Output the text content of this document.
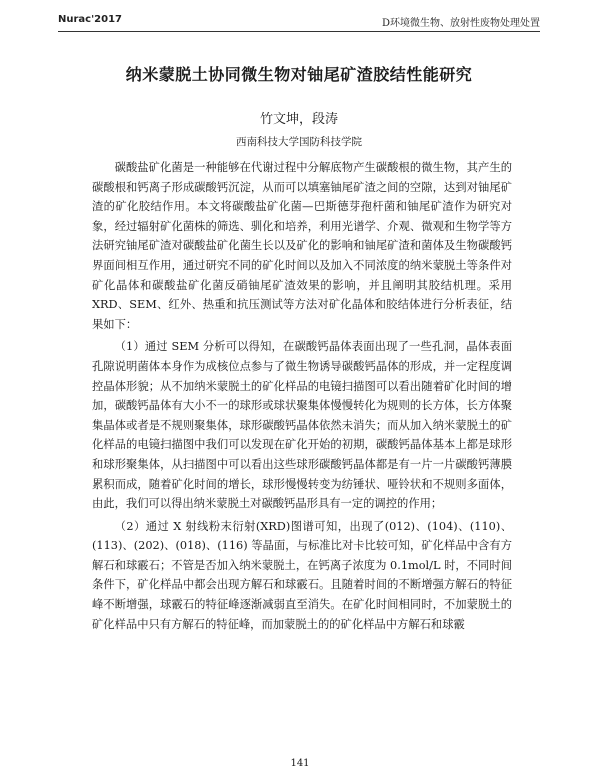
Nurac'2017	D环境微生物、放射性废物处理处置
纳米蒙脱土协同微生物对铀尾矿渣胶结性能研究
竹文坤，段涛
西南科技大学国防科技学院

碳酸盐矿化菌是一种能够在代谢过程中分解底物产生碳酸根的微生物，其产生的碳酸根和钙离子形成碳酸钙沉淀，从而可以填塞铀尾矿渣之间的空隙，达到对铀尾矿渣的矿化胶结作用。本文将碳酸盐矿化菌—巴斯德芽孢杆菌和铀尾矿渣作为研究对象，经过辐射矿化菌株的筛选、驯化和培养，利用光谱学、介观、微观和生物学等方法研究铀尾矿渣对碳酸盐矿化菌生长以及矿化的影响和铀尾矿渣和菌体及生物碳酸钙界面间相互作用，通过研究不同的矿化时间以及加入不同浓度的纳米蒙脱土等条件对矿化晶体和碳酸盐矿化菌反硝铀尾矿渣效果的影响，并且阐明其胶结机理。采用 XRD、SEM、红外、热重和抗压测试等方法对矿化晶体和胶结体进行分析表征，结果如下：

（1）通过 SEM 分析可以得知，在碳酸钙晶体表面出现了一些孔洞，晶体表面孔隙说明菌体本身作为成核位点参与了微生物诱导碳酸钙晶体的形成，并一定程度调控晶体形貌；从不加纳米蒙脱土的矿化样品的电镜扫描图可以看出随着矿化时间的增加，碳酸钙晶体有大小不一的球形或球状聚集体慢慢转化为规则的长方体，长方体聚集晶体或者是不规则聚集体，球形碳酸钙晶体依然未消失；而从加入纳米蒙脱土的矿化样品的电镜扫描图中我们可以发现在矿化开始的初期，碳酸钙晶体基本上都是球形和球形聚集体，从扫描图中可以看出这些球形碳酸钙晶体都是有一片一片碳酸钙薄膜累积而成，随着矿化时间的增长，球形慢慢转变为纺锤状、哑铃状和不规则多面体，由此，我们可以得出纳米蒙脱土对碳酸钙晶形具有一定的调控的作用；

（2）通过 X 射线粉末衍射(XRD)图谱可知，出现了(012)、(104)、(110)、(113)、(202)、(018)、(116) 等晶面，与标准比对卡比较可知，矿化样品中含有方解石和球霰石；不管是否加入纳米蒙脱土，在钙离子浓度为 0.1mol/L 时，不同时间条件下，矿化样品中都会出现方解石和球霰石。且随着时间的不断增强方解石的特征峰不断增强，球霰石的特征峰逐渐减弱直至消失。在矿化时间相同时，不加蒙脱土的矿化样品中只有方解石的特征峰，而加蒙脱土的的矿化样品中方解石和球霰

141
